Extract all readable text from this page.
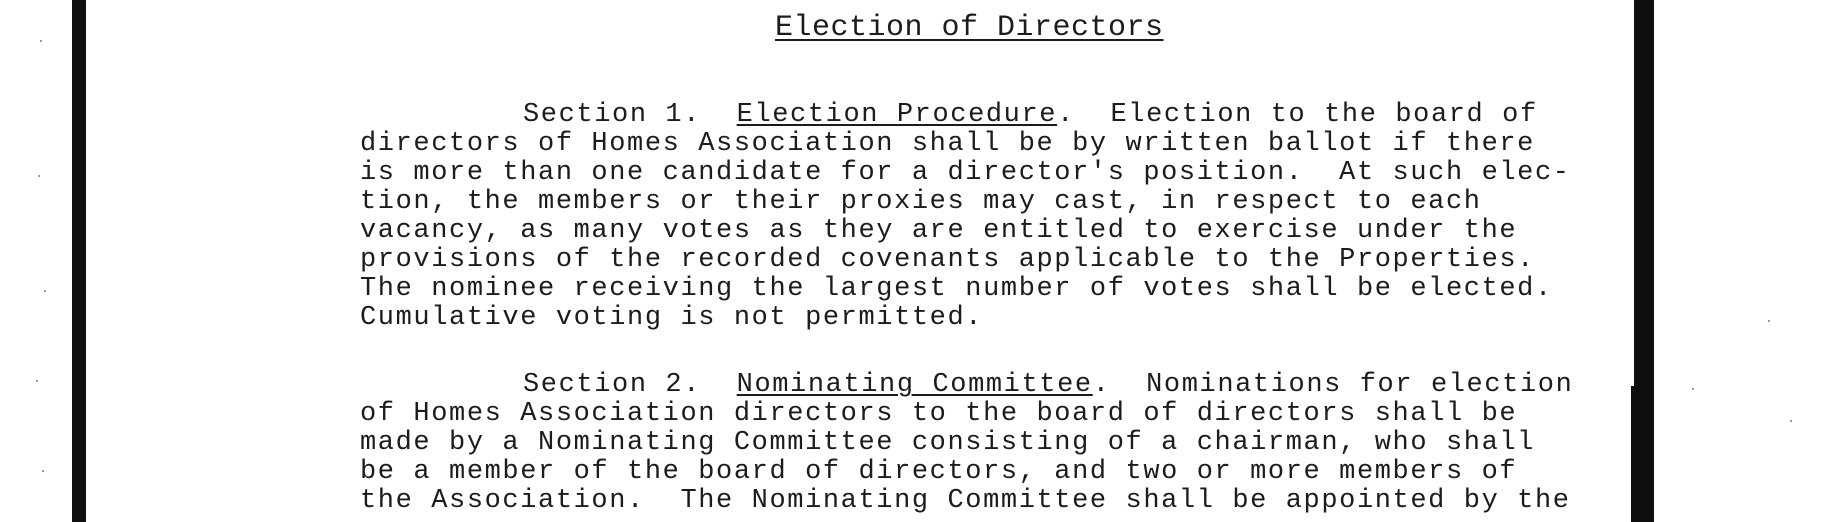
Election of Directors
Section 1. Election Procedure.  Election to the board of
directors of Homes Association shall be by written ballot if there
is more than one candidate for a director's position.  At such elec-
tion, the members or their proxies may cast, in respect to each
vacancy, as many votes as they are entitled to exercise under the
provisions of the recorded covenants applicable to the Properties.
The nominee receiving the largest number of votes shall be elected.
Cumulative voting is not permitted.
Section 2. Nominating Committee.  Nominations for election
of Homes Association directors to the board of directors shall be
made by a Nominating Committee consisting of a chairman, who shall
be a member of the board of directors, and two or more members of
the Association.  The Nominating Committee shall be appointed by the
